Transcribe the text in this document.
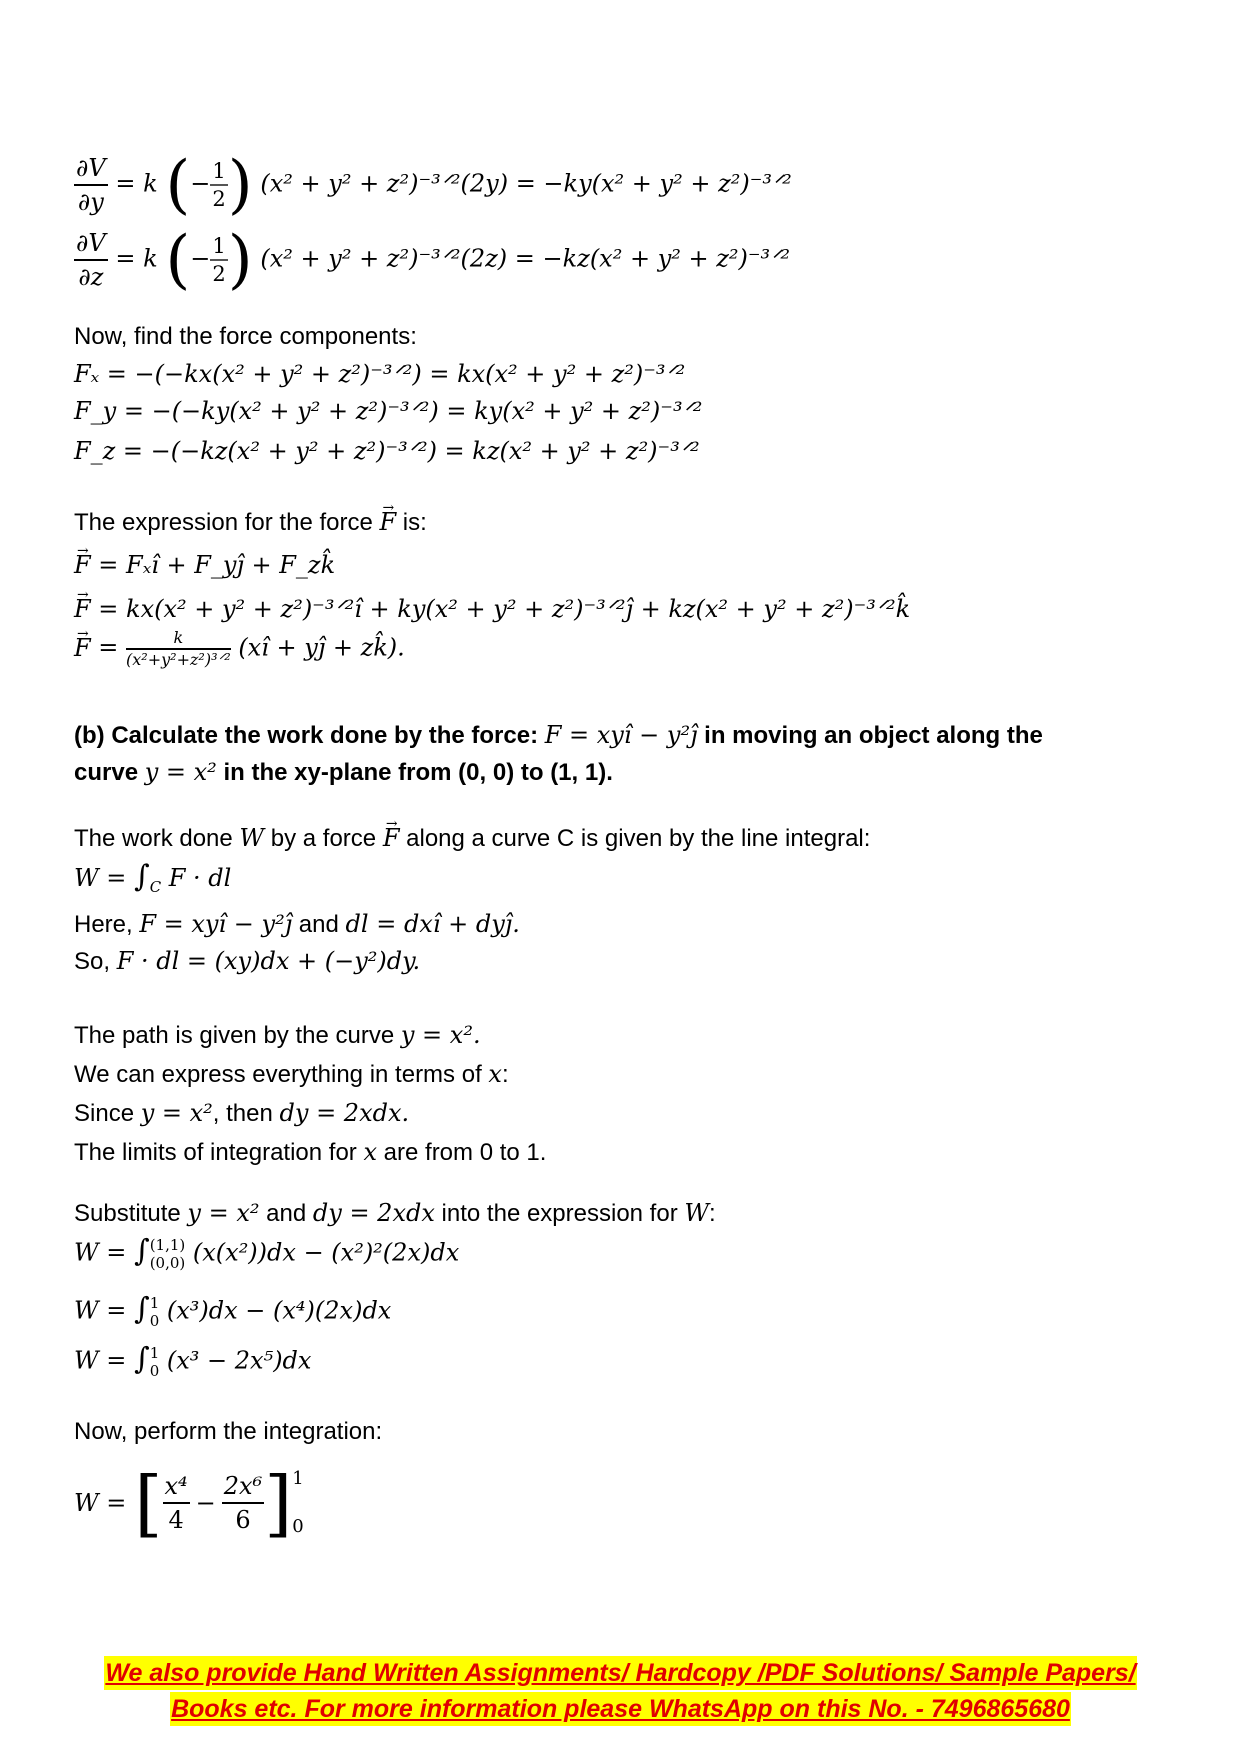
$\frac{\partial V}{\partial y} = k$ (− $\frac{1}{2}$ ) (x² + y² + z²)⁻³ᐟ²(2y) = −ky(x² + y² + z²)⁻³ᐟ²
$\frac{\partial V}{\partial z} = k$ (− $\frac{1}{2}$ ) (x² + y² + z²)⁻³ᐟ²(2z) = −kz(x² + y² + z²)⁻³ᐟ²
Now, find the force components:
Fₓ = −(−kx(x² + y² + z²)⁻³ᐟ²) = kx(x² + y² + z²)⁻³ᐟ²
F_y = −(−ky(x² + y² + z²)⁻³ᐟ²) = ky(x² + y² + z²)⁻³ᐟ²
F_z = −(−kz(x² + y² + z²)⁻³ᐟ²) = kz(x² + y² + z²)⁻³ᐟ²
The expression for the force → F is:
→ F = Fₓî + F_yĵ + F_zk̂
→ F = kx(x² + y² + z²)⁻³ᐟ²î + ky(x² + y² + z²)⁻³ᐟ²ĵ + kz(x² + y² + z²)⁻³ᐟ²k̂
→ $F = \frac{k}{\text{(x²+y²+z²)³ᐟ²}}$ (xî + yĵ + zk̂).
(b) Calculate the work done by the force: F = xyî − y²ĵ in moving an object along the
curve y = x² in the xy-plane from (0, 0) to (1, 1).
The work done W by a force → F along a curve C is given by the line integral:
$W = \int_C$ F · dl
Here, F = xyî − y²ĵ and dl = dxî + dyĵ.
So, F · dl = (xy)dx + (−y²)dy.
The path is given by the curve y = x².
We can express everything in terms of x:
Since y = x², then dy = 2xdx.
The limits of integration for x are from 0 to 1.
Substitute y = x² and dy = 2xdx into the expression for W:
W = ∫ (1,1)
(0,0) (x(x²))dx − (x²)²(2x)dx
W = ∫ 1
0 (x³)dx − (x⁴)(2x)dx
W = ∫ 1
0 (x³ − 2x⁵)dx
Now, perform the integration:
W = [ $\frac{\text{x⁴}}{4} - \frac{\text{2x⁶}}{6}$ ] 1
0
We also provide Hand Written Assignments/ Hardcopy /PDF Solutions/ Sample Papers/
Books etc. For more information please WhatsApp on this No. - 7496865680
